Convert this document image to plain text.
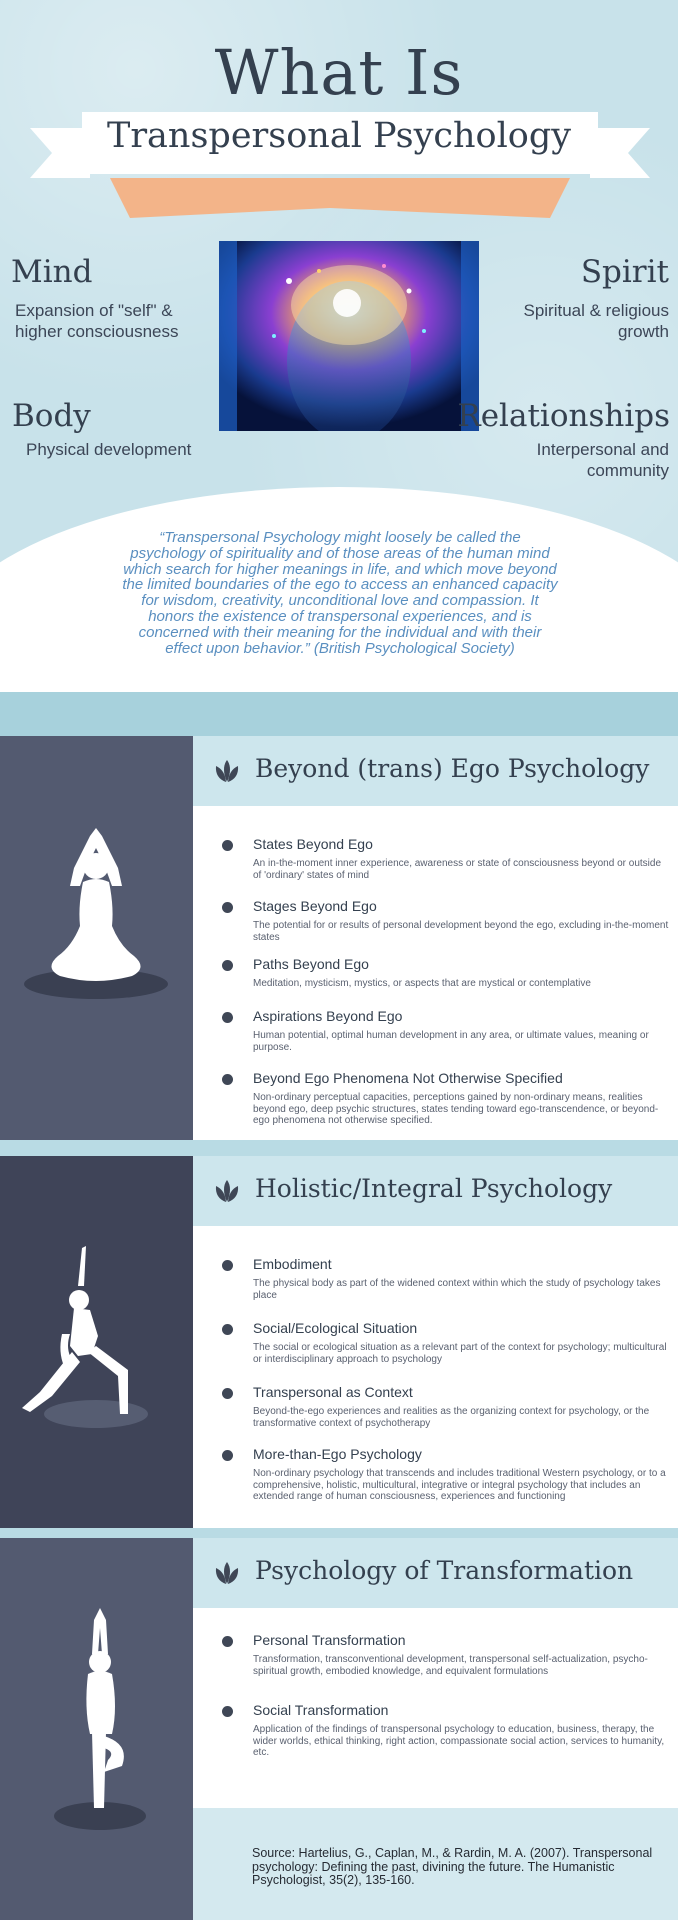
What Is
Transpersonal Psychology
Mind
Expansion of "self" & higher consciousness
Spirit
Spiritual & religious growth
Body
Physical development
Relationships
Interpersonal and community
“Transpersonal Psychology might loosely be called the psychology of spirituality and of those areas of the human mind which search for higher meanings in life, and which move beyond the limited boundaries of the ego to access an enhanced capacity for wisdom, creativity, unconditional love and compassion. It honors the existence of transpersonal experiences, and is concerned with their meaning for the individual and with their effect upon behavior.” (British Psychological Society)
Beyond (trans) Ego Psychology
States Beyond Ego
An in-the-moment inner experience, awareness or state of consciousness beyond or outside of 'ordinary' states of mind
Stages Beyond Ego
The potential for or results of personal development beyond the ego, excluding in-the-moment states
Paths Beyond Ego
Meditation, mysticism, mystics, or aspects that are mystical or contemplative
Aspirations Beyond Ego
Human potential, optimal human development in any area, or ultimate values, meaning or purpose.
Beyond Ego Phenomena Not Otherwise Specified
Non-ordinary perceptual capacities, perceptions gained by non-ordinary means, realities beyond ego, deep psychic structures, states tending toward ego-transcendence, or beyond-ego phenomena not otherwise specified.
Holistic/Integral Psychology
Embodiment
The physical body as part of the widened context within which the study of psychology takes place
Social/Ecological Situation
The social or ecological situation as a relevant part of the context for psychology; multicultural or interdisciplinary approach to psychology
Transpersonal as Context
Beyond-the-ego experiences and realities as the organizing context for psychology, or the transformative context of psychotherapy
More-than-Ego Psychology
Non-ordinary psychology that transcends and includes traditional Western psychology, or to a comprehensive, holistic, multicultural, integrative or integral psychology that includes an extended range of human consciousness, experiences and functioning
Psychology of Transformation
Personal Transformation
Transformation, transconventional development, transpersonal self-actualization, psycho-spiritual growth, embodied knowledge, and equivalent formulations
Social Transformation
Application of the findings of transpersonal psychology to education, business, therapy, the wider worlds, ethical thinking, right action, compassionate social action, services to humanity, etc.
Source: Hartelius, G., Caplan, M., & Rardin, M. A. (2007). Transpersonal psychology: Defining the past, divining the future. The Humanistic Psychologist, 35(2), 135-160.
